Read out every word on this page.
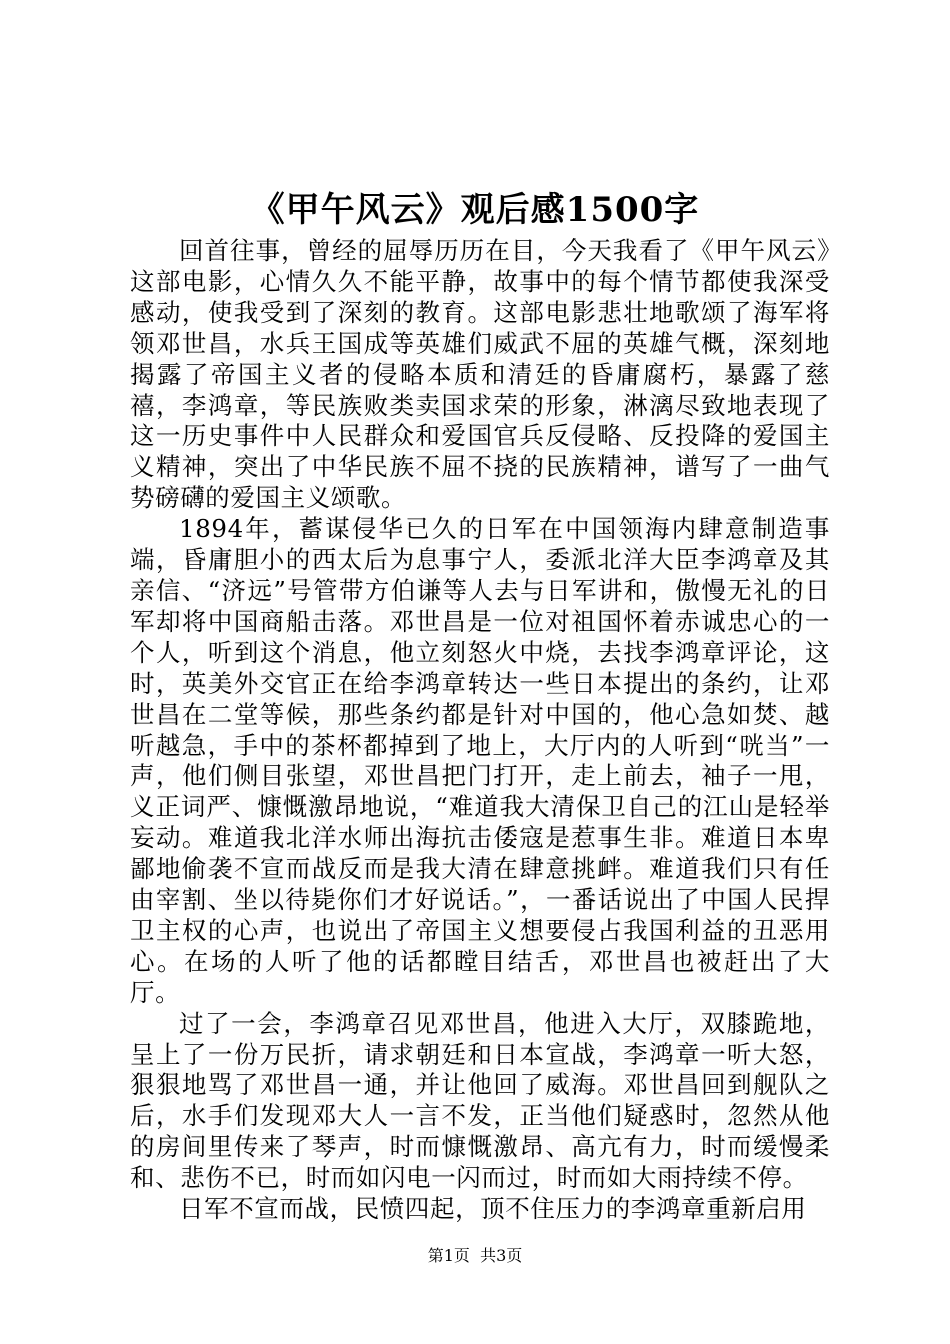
《甲午风云》观后感1500字

回首往事，曾经的屈辱历历在目，今天我看了《甲午风云》这部电影，心情久久不能平静，故事中的每个情节都使我深受感动，使我受到了深刻的教育。这部电影悲壮地歌颂了海军将领邓世昌，水兵王国成等英雄们威武不屈的英雄气概，深刻地揭露了帝国主义者的侵略本质和清廷的昏庸腐朽，暴露了慈禧，李鸿章，等民族败类卖国求荣的形象，淋漓尽致地表现了这一历史事件中人民群众和爱国官兵反侵略、反投降的爱国主义精神，突出了中华民族不屈不挠的民族精神，谱写了一曲气势磅礴的爱国主义颂歌。

1894年，蓄谋侵华已久的日军在中国领海内肆意制造事端，昏庸胆小的西太后为息事宁人，委派北洋大臣李鸿章及其亲信、“济远”号管带方伯谦等人去与日军讲和，傲慢无礼的日军却将中国商船击落。邓世昌是一位对祖国怀着赤诚忠心的一个人，听到这个消息，他立刻怒火中烧，去找李鸿章评论，这时，英美外交官正在给李鸿章转达一些日本提出的条约，让邓世昌在二堂等候，那些条约都是针对中国的，他心急如焚、越听越急，手中的茶杯都掉到了地上，大厅内的人听到“咣当”一声，他们侧目张望，邓世昌把门打开，走上前去，袖子一甩，义正词严、慷慨激昂地说，“难道我大清保卫自己的江山是轻举妄动。难道我北洋水师出海抗击倭寇是惹事生非。难道日本卑鄙地偷袭不宣而战反而是我大清在肆意挑衅。难道我们只有任由宰割、坐以待毙你们才好说话。”，一番话说出了中国人民捍卫主权的心声，也说出了帝国主义想要侵占我国利益的丑恶用心。在场的人听了他的话都瞠目结舌，邓世昌也被赶出了大厅。

过了一会，李鸿章召见邓世昌，他进入大厅，双膝跪地，呈上了一份万民折，请求朝廷和日本宣战，李鸿章一听大怒，狠狠地骂了邓世昌一通，并让他回了威海。邓世昌回到舰队之后，水手们发现邓大人一言不发，正当他们疑惑时，忽然从他的房间里传来了琴声，时而慷慨激昂、高亢有力，时而缓慢柔和、悲伤不已，时而如闪电一闪而过，时而如大雨持续不停。

日军不宣而战，民愤四起，顶不住压力的李鸿章重新启用

第1页  共3页
